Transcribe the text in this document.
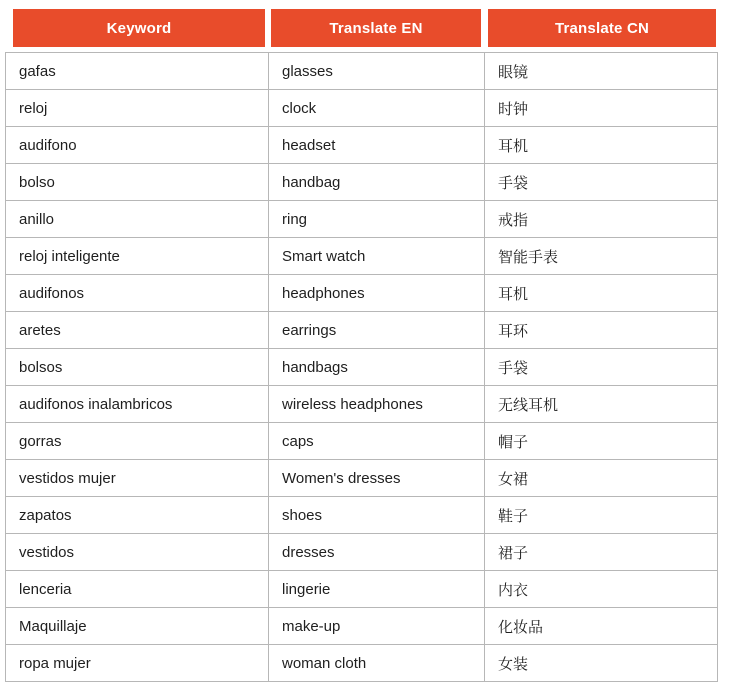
Keyword	Translate EN	Translate CN
gafas	glasses	眼镜
reloj	clock	时钟
audifono	headset	耳机
bolso	handbag	手袋
anillo	ring	戒指
reloj inteligente	Smart watch	智能手表
audifonos	headphones	耳机
aretes	earrings	耳环
bolsos	handbags	手袋
audifonos inalambricos	wireless headphones	无线耳机
gorras	caps	帽子
vestidos mujer	Women's dresses	女裙
zapatos	shoes	鞋子
vestidos	dresses	裙子
lenceria	lingerie	内衣
Maquillaje	make-up	化妆品
ropa mujer	woman cloth	女装
